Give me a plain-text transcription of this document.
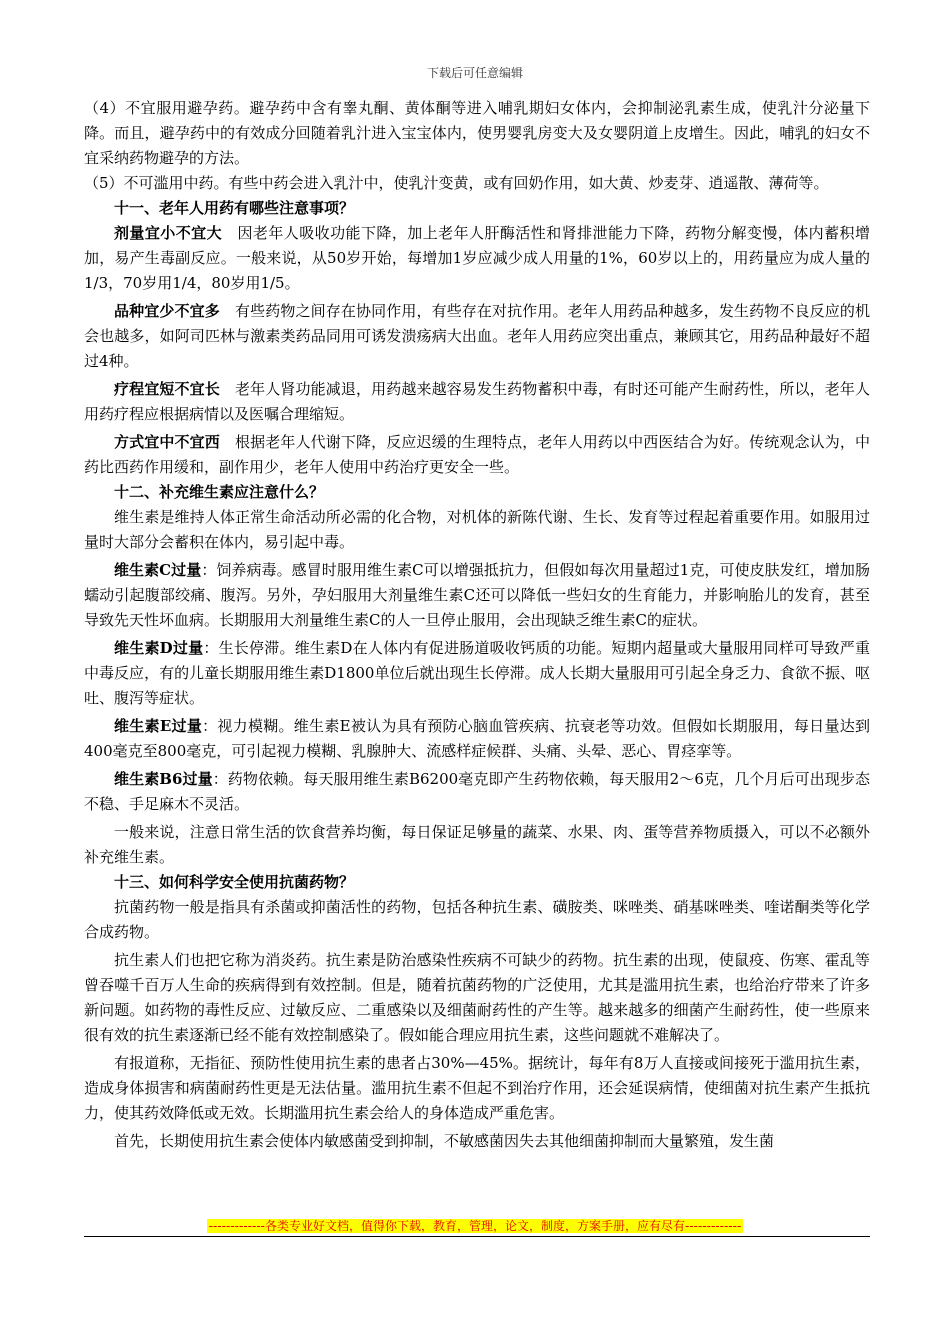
下载后可任意编辑

（4）不宜服用避孕药。避孕药中含有睾丸酮、黄体酮等进入哺乳期妇女体内，会抑制泌乳素生成，使乳汁分泌量下降。而且，避孕药中的有效成分回随着乳汁进入宝宝体内，使男婴乳房变大及女婴阴道上皮增生。因此，哺乳的妇女不宜采纳药物避孕的方法。

（5）不可滥用中药。有些中药会进入乳汁中，使乳汁变黄，或有回奶作用，如大黄、炒麦芽、逍遥散、薄荷等。

十一、老年人用药有哪些注意事项？

剂量宜小不宜大　因老年人吸收功能下降，加上老年人肝酶活性和肾排泄能力下降，药物分解变慢，体内蓄积增加，易产生毒副反应。一般来说，从50岁开始，每增加1岁应减少成人用量的1%，60岁以上的，用药量应为成人量的1/3，70岁用1/4，80岁用1/5。

品种宜少不宜多　有些药物之间存在协同作用，有些存在对抗作用。老年人用药品种越多，发生药物不良反应的机会也越多，如阿司匹林与激素类药品同用可诱发溃疡病大出血。老年人用药应突出重点，兼顾其它，用药品种最好不超过4种。

疗程宜短不宜长　老年人肾功能减退，用药越来越容易发生药物蓄积中毒，有时还可能产生耐药性，所以，老年人用药疗程应根据病情以及医嘱合理缩短。

方式宜中不宜西　根据老年人代谢下降，反应迟缓的生理特点，老年人用药以中西医结合为好。传统观念认为，中药比西药作用缓和，副作用少，老年人使用中药治疗更安全一些。

十二、补充维生素应注意什么？

维生素是维持人体正常生命活动所必需的化合物，对机体的新陈代谢、生长、发育等过程起着重要作用。如服用过量时大部分会蓄积在体内，易引起中毒。

维生素C过量：饲养病毒。感冒时服用维生素C可以增强抵抗力，但假如每次用量超过1克，可使皮肤发红，增加肠蠕动引起腹部绞痛、腹泻。另外，孕妇服用大剂量维生素C还可以降低一些妇女的生育能力，并影响胎儿的发育，甚至导致先天性坏血病。长期服用大剂量维生素C的人一旦停止服用，会出现缺乏维生素C的症状。

维生素D过量：生长停滞。维生素D在人体内有促进肠道吸收钙质的功能。短期内超量或大量服用同样可导致严重中毒反应，有的儿童长期服用维生素D1800单位后就出现生长停滞。成人长期大量服用可引起全身乏力、食欲不振、呕吐、腹泻等症状。

维生素E过量：视力模糊。维生素E被认为具有预防心脑血管疾病、抗衰老等功效。但假如长期服用，每日量达到400毫克至800毫克，可引起视力模糊、乳腺肿大、流感样症候群、头痛、头晕、恶心、胃痉挛等。

维生素B6过量：药物依赖。每天服用维生素B6200毫克即产生药物依赖，每天服用2～6克，几个月后可出现步态不稳、手足麻木不灵活。

一般来说，注意日常生活的饮食营养均衡，每日保证足够量的蔬菜、水果、肉、蛋等营养物质摄入，可以不必额外补充维生素。

十三、如何科学安全使用抗菌药物？

抗菌药物一般是指具有杀菌或抑菌活性的药物，包括各种抗生素、磺胺类、咪唑类、硝基咪唑类、喹诺酮类等化学合成药物。

抗生素人们也把它称为消炎药。抗生素是防治感染性疾病不可缺少的药物。抗生素的出现，使鼠疫、伤寒、霍乱等曾吞噬千百万人生命的疾病得到有效控制。但是，随着抗菌药物的广泛使用，尤其是滥用抗生素，也给治疗带来了许多新问题。如药物的毒性反应、过敏反应、二重感染以及细菌耐药性的产生等。越来越多的细菌产生耐药性，使一些原来很有效的抗生素逐渐已经不能有效控制感染了。假如能合理应用抗生素，这些问题就不难解决了。

有报道称，无指征、预防性使用抗生素的患者占30%—45%。据统计，每年有8万人直接或间接死于滥用抗生素，造成身体损害和病菌耐药性更是无法估量。滥用抗生素不但起不到治疗作用，还会延误病情，使细菌对抗生素产生抵抗力，使其药效降低或无效。长期滥用抗生素会给人的身体造成严重危害。

首先，长期使用抗生素会使体内敏感菌受到抑制，不敏感菌因失去其他细菌抑制而大量繁殖，发生菌

-------------各类专业好文档，值得你下载，教育，管理，论文，制度，方案手册，应有尽有-------------
